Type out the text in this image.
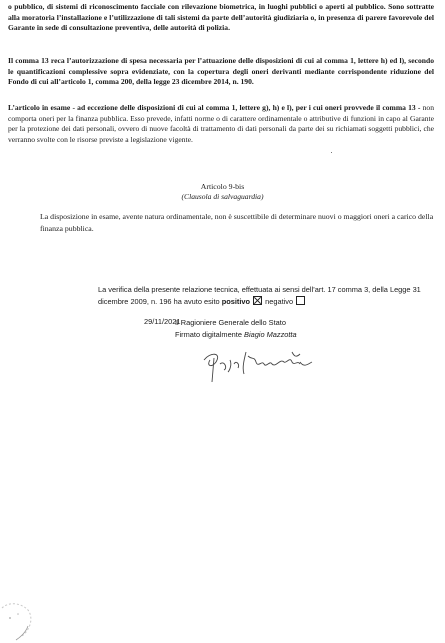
o pubblico, di sistemi di riconoscimento facciale con rilevazione biometrica, in luoghi pubblici o aperti al pubblico. Sono sottratte alla moratoria l’installazione e l’utilizzazione di tali sistemi da parte dell’autorità giudiziaria o, in presenza di parere favorevole del Garante in sede di consultazione preventiva, delle autorità di polizia.
Il comma 13 reca l’autorizzazione di spesa necessaria per l’attuazione delle disposizioni di cui al comma 1, lettere h) ed l), secondo le quantificazioni complessive sopra evidenziate, con la copertura degli oneri derivanti mediante corrispondente riduzione del Fondo di cui all’articolo 1, comma 200, della legge 23 dicembre 2014, n. 190.
L’articolo in esame - ad eccezione delle disposizioni di cui al comma 1, lettere g), h) e l), per i cui oneri provvede il comma 13 - non comporta oneri per la finanza pubblica. Esso prevede, infatti norme o di carattere ordinamentale o attributive di funzioni in capo al Garante per la protezione dei dati personali, ovvero di nuove facoltà di trattamento di dati personali da parte dei su richiamati soggetti pubblici, che verranno svolte con le risorse previste a legislazione vigente.
Articolo 9-bis
(Clausola di salvaguardia)
La disposizione in esame, avente natura ordinamentale, non è suscettibile di determinare nuovi o maggiori oneri a carico della finanza pubblica.
La verifica della presente relazione tecnica, effettuata ai sensi dell’art. 17 comma 3, della Legge 31 dicembre 2009, n. 196 ha avuto esito positivo negativo
29/11/2021
Il Ragioniere Generale dello Stato
Firmato digitalmente Biagio Mazzotta
